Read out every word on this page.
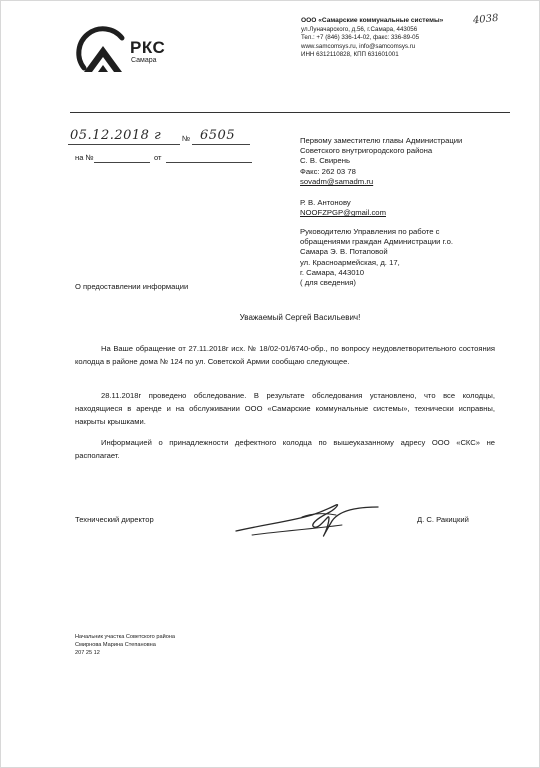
РКС
Самара
ООО «Самарские коммунальные системы»
ул.Луначарского, д.56, г.Самара, 443056
Тел.: +7 (846) 336-14-02, факс: 336-89-05
www.samcomsys.ru, info@samcomsys.ru
ИНН 6312110828, КПП 631601001
4038
05.12.2018 г	№ 6505
на №	от
Первому заместителю главы Администрации
Советского внутригородского района
С. В. Свирень
Факс: 262 03 78
sovadm@samadm.ru
Р. В. Антонову
NOOFZPGP@gmail.com
Руководителю Управления по работе с
обращениями граждан Администрации г.о.
Самара Э. В. Потаповой
ул. Красноармейская, д. 17,
г. Самара, 443010
( для сведения)
О предоставлении информации
Уважаемый Сергей Васильевич!

На Ваше обращение от 27.11.2018г исх. № 18/02-01/6740-обр., по вопросу неудовлетворительного состояния колодца в районе дома № 124 по ул. Советской Армии сообщаю следующее.

28.11.2018г проведено обследование. В результате обследования установлено, что все колодцы, находящиеся в аренде и на обслуживании ООО «Самарские коммунальные системы», технически исправны, накрыты крышками.

Информацией о принадлежности дефектного колодца по вышеуказанному адресу ООО «СКС» не располагает.

Технический директор	Д. С. Ракицкий
Начальник участка Советского района
Смирнова Марина Степановна
207 25 12
